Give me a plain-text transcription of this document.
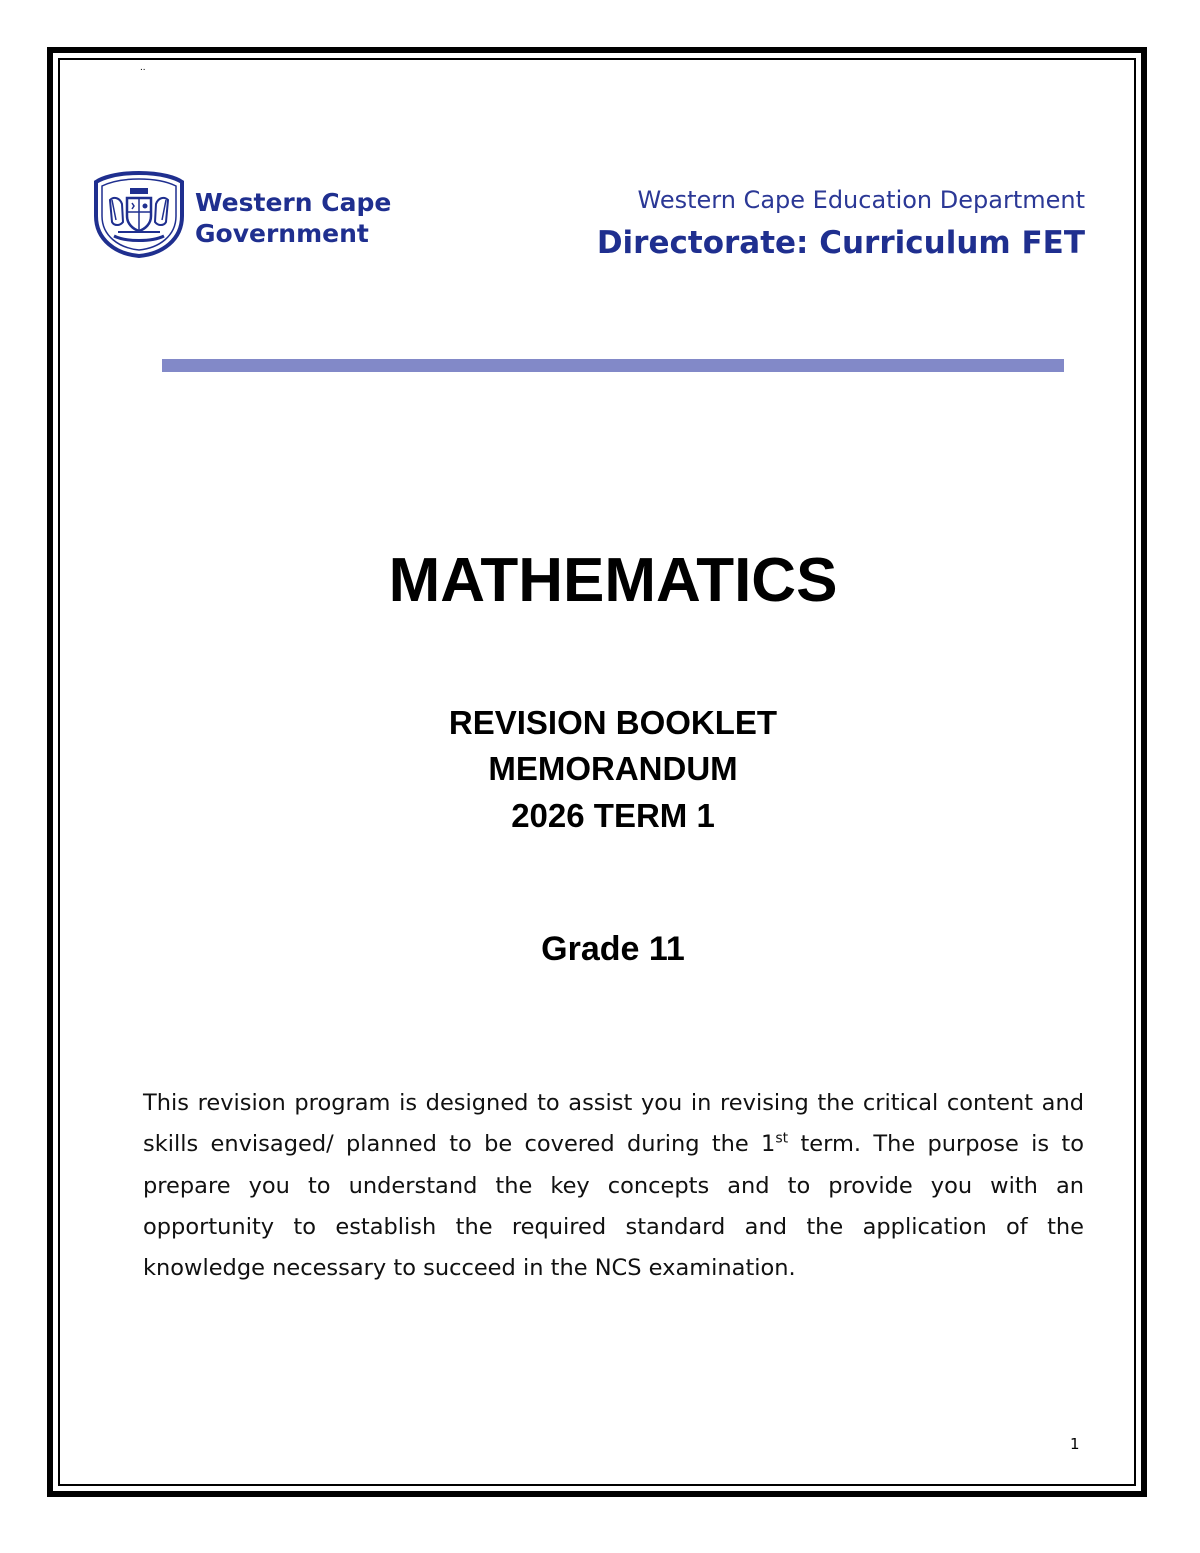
..
Western Cape
Government
Western Cape Education Department
Directorate: Curriculum FET
MATHEMATICS
REVISION BOOKLET
MEMORANDUM
2026 TERM 1
Grade 11

This revision program is designed to assist you in revising the critical content and skills envisaged/ planned to be covered during the 1st term. The purpose is to prepare you to understand the key concepts and to provide you with an opportunity to establish the required standard and the application of the knowledge necessary to succeed in the NCS examination.

1
